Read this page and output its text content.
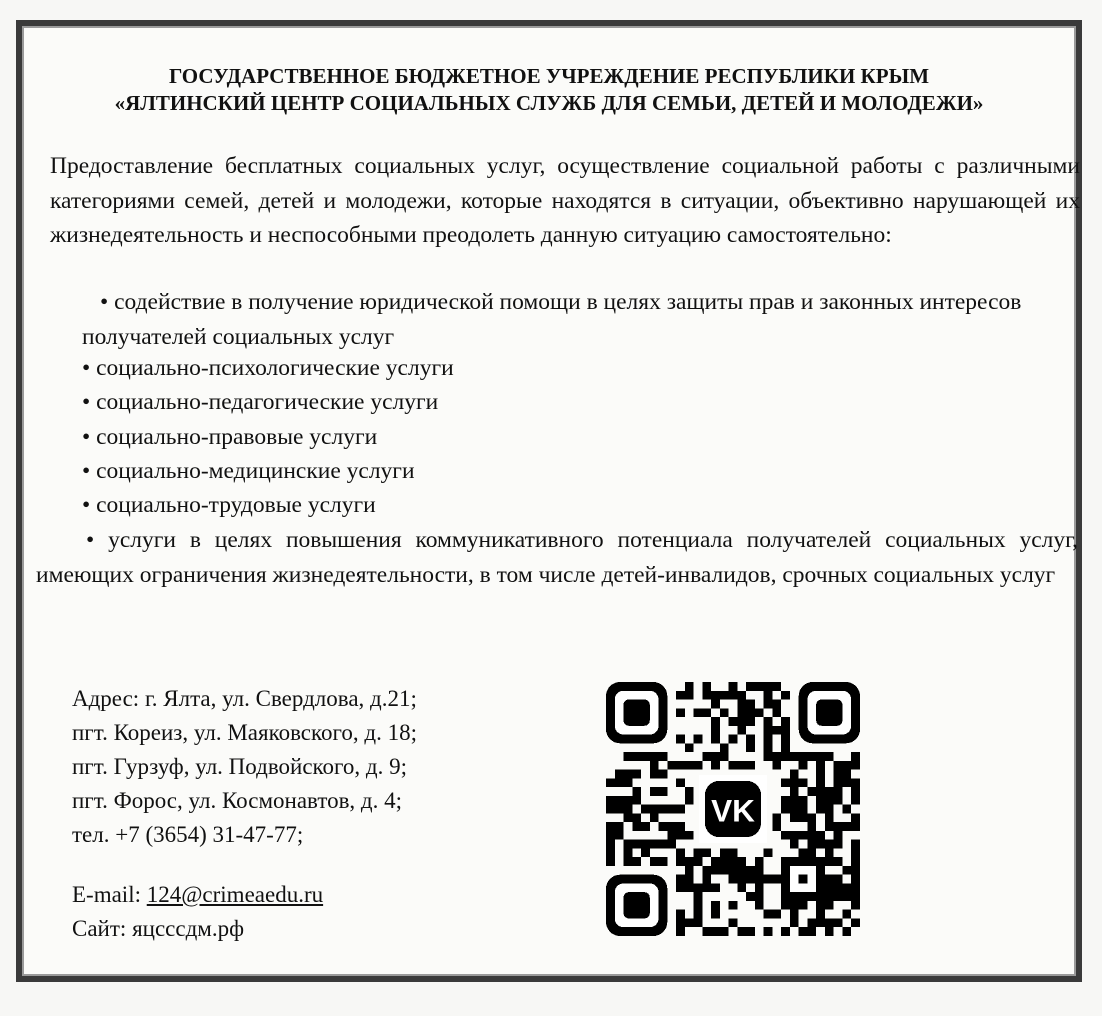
ГОСУДАРСТВЕННОЕ БЮДЖЕТНОЕ УЧРЕЖДЕНИЕ РЕСПУБЛИКИ КРЫМ
«ЯЛТИНСКИЙ ЦЕНТР СОЦИАЛЬНЫХ СЛУЖБ ДЛЯ СЕМЬИ, ДЕТЕЙ И МОЛОДЕЖИ»
Предоставление бесплатных социальных услуг, осуществление социальной работы с различными категориями семей, детей и молодежи, которые находятся в ситуации, объективно нарушающей их жизнедеятельность и неспособными преодолеть данную ситуацию самостоятельно:
• содействие в получение юридической помощи в целях защиты прав и законных интересов получателей социальных услуг
• социально-психологические услуги
• социально-педагогические услуги
• социально-правовые услуги
• социально-медицинские услуги
• социально-трудовые услуги
• услуги в целях повышения коммуникативного потенциала получателей социальных услуг, имеющих ограничения жизнедеятельности, в том числе детей-инвалидов, срочных социальных услуг
Адрес: г. Ялта, ул. Свердлова, д.21;
пгт. Кореиз, ул. Маяковского, д. 18;
пгт. Гурзуф, ул. Подвойского, д. 9;
пгт. Форос, ул. Космонавтов, д. 4;
тел. +7 (3654) 31-47-77;
E-mail: 124@crimeaedu.ru
Сайт: яцсссдм.рф
VK
